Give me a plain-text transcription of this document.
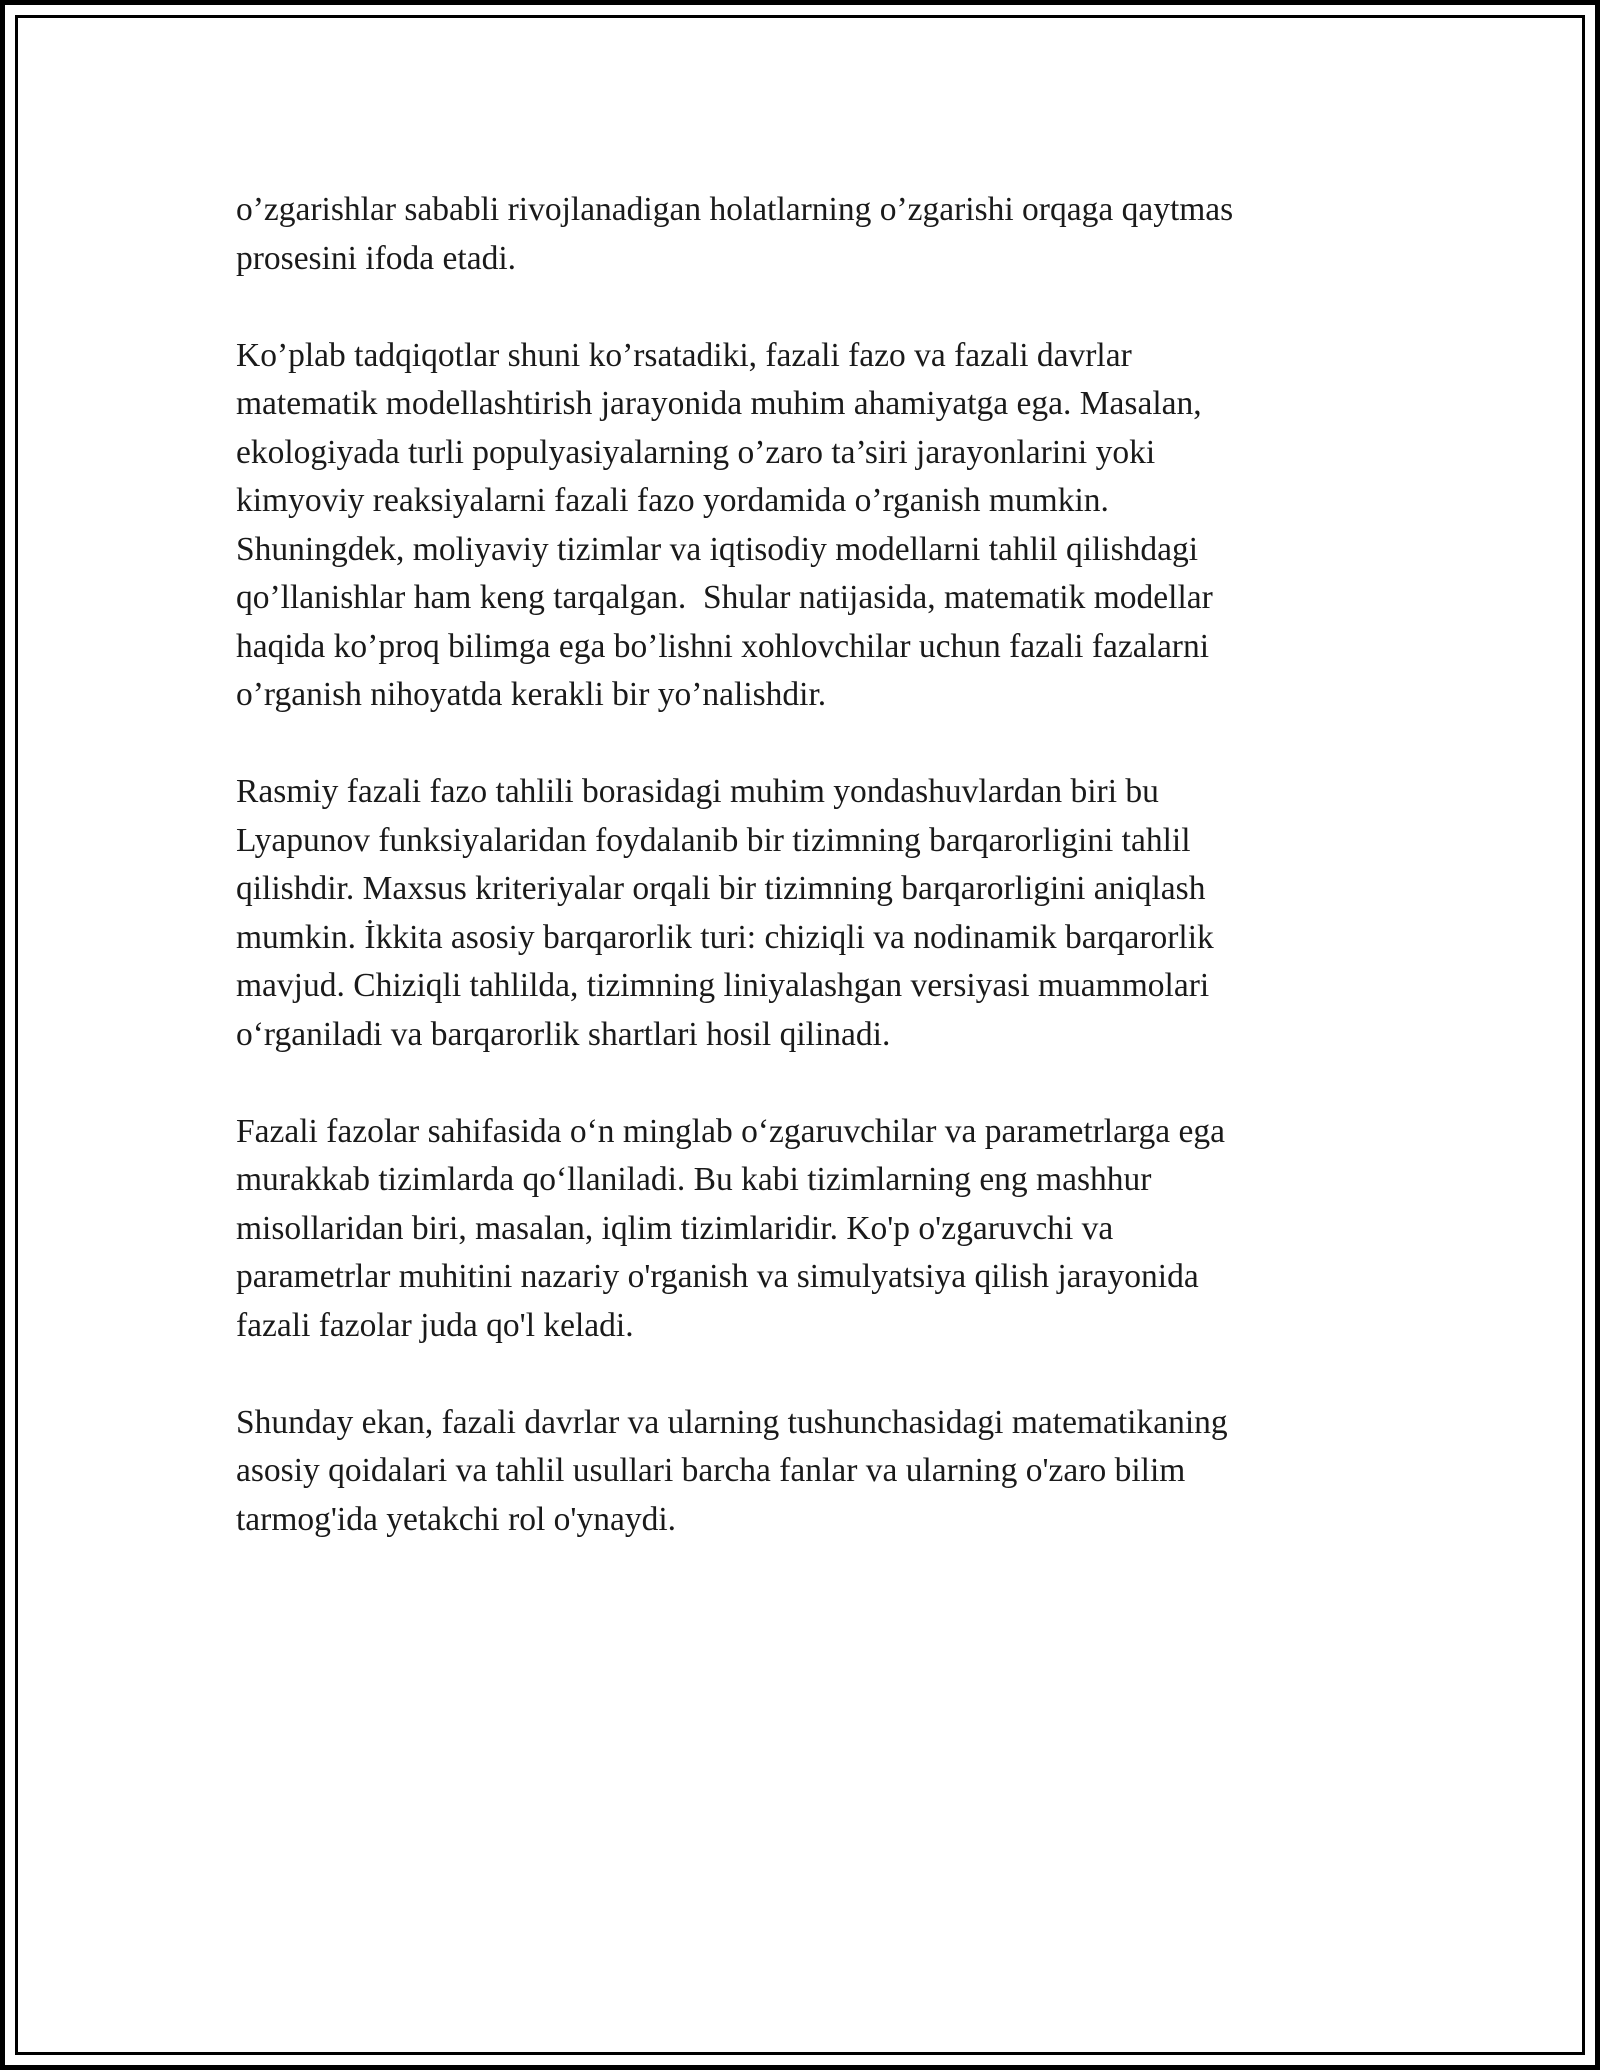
o’zgarishlar sababli rivojlanadigan holatlarning o’zgarishi orqaga qaytmas
prosesini ifoda etadi.

Ko’plab tadqiqotlar shuni ko’rsatadiki, fazali fazo va fazali davrlar
matematik modellashtirish jarayonida muhim ahamiyatga ega. Masalan,
ekologiyada turli populyasiyalarning o’zaro ta’siri jarayonlarini yoki
kimyoviy reaksiyalarni fazali fazo yordamida o’rganish mumkin.
Shuningdek, moliyaviy tizimlar va iqtisodiy modellarni tahlil qilishdagi
qo’llanishlar ham keng tarqalgan.  Shular natijasida, matematik modellar
haqida ko’proq bilimga ega bo’lishni xohlovchilar uchun fazali fazalarni
o’rganish nihoyatda kerakli bir yo’nalishdir.

Rasmiy fazali fazo tahlili borasidagi muhim yondashuvlardan biri bu
Lyapunov funksiyalaridan foydalanib bir tizimning barqarorligini tahlil
qilishdir. Maxsus kriteriyalar orqali bir tizimning barqarorligini aniqlash
mumkin. İkkita asosiy barqarorlik turi: chiziqli va nodinamik barqarorlik
mavjud. Chiziqli tahlilda, tizimning liniyalashgan versiyasi muammolari
o‘rganiladi va barqarorlik shartlari hosil qilinadi.

Fazali fazolar sahifasida o‘n minglab o‘zgaruvchilar va parametrlarga ega
murakkab tizimlarda qo‘llaniladi. Bu kabi tizimlarning eng mashhur
misollaridan biri, masalan, iqlim tizimlaridir. Ko'p o'zgaruvchi va
parametrlar muhitini nazariy o'rganish va simulyatsiya qilish jarayonida
fazali fazolar juda qo'l keladi.

Shunday ekan, fazali davrlar va ularning tushunchasidagi matematikaning
asosiy qoidalari va tahlil usullari barcha fanlar va ularning o'zaro bilim
tarmog'ida yetakchi rol o'ynaydi.
